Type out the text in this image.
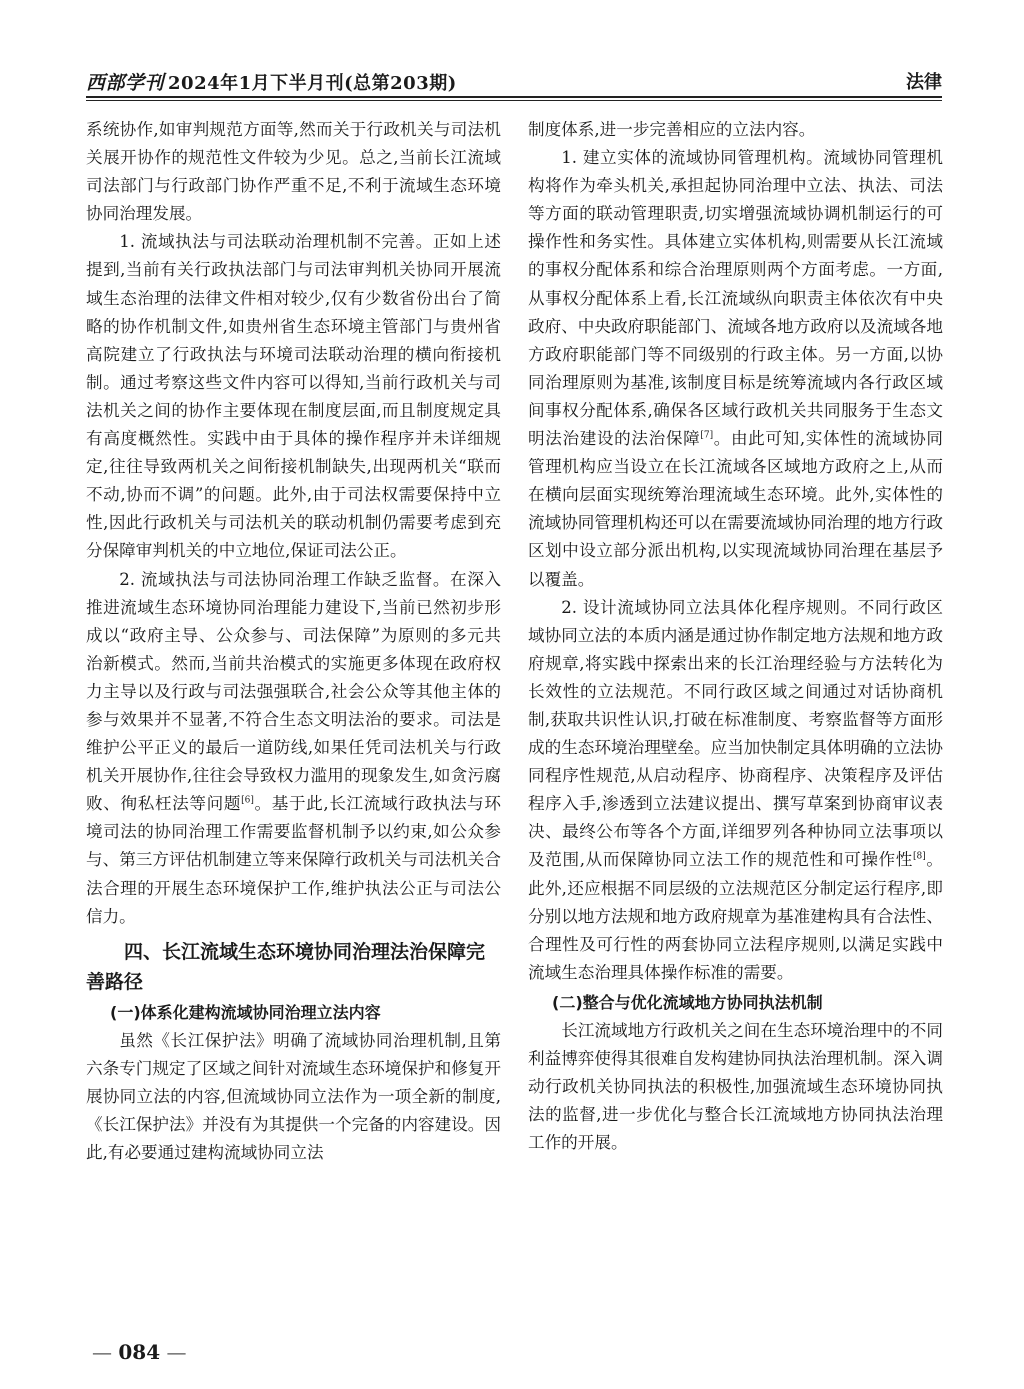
西部学刊 2024年1月下半月刊(总第203期)	法律

系统协作,如审判规范方面等,然而关于行政机关与司法机关展开协作的规范性文件较为少见。总之,当前长江流域司法部门与行政部门协作严重不足,不利于流域生态环境协同治理发展。

1. 流域执法与司法联动治理机制不完善。正如上述提到,当前有关行政执法部门与司法审判机关协同开展流域生态治理的法律文件相对较少,仅有少数省份出台了简略的协作机制文件,如贵州省生态环境主管部门与贵州省高院建立了行政执法与环境司法联动治理的横向衔接机制。通过考察这些文件内容可以得知,当前行政机关与司法机关之间的协作主要体现在制度层面,而且制度规定具有高度概然性。实践中由于具体的操作程序并未详细规定,往往导致两机关之间衔接机制缺失,出现两机关“联而不动,协而不调”的问题。此外,由于司法权需要保持中立性,因此行政机关与司法机关的联动机制仍需要考虑到充分保障审判机关的中立地位,保证司法公正。

2. 流域执法与司法协同治理工作缺乏监督。在深入推进流域生态环境协同治理能力建设下,当前已然初步形成以“政府主导、公众参与、司法保障”为原则的多元共治新模式。然而,当前共治模式的实施更多体现在政府权力主导以及行政与司法强强联合,社会公众等其他主体的参与效果并不显著,不符合生态文明法治的要求。司法是维护公平正义的最后一道防线,如果任凭司法机关与行政机关开展协作,往往会导致权力滥用的现象发生,如贪污腐败、徇私枉法等问题[6]。基于此,长江流域行政执法与环境司法的协同治理工作需要监督机制予以约束,如公众参与、第三方评估机制建立等来保障行政机关与司法机关合法合理的开展生态环境保护工作,维护执法公正与司法公信力。

四、长江流域生态环境协同治理法治保障完善路径
(一)体系化建构流域协同治理立法内容

虽然《长江保护法》明确了流域协同治理机制,且第六条专门规定了区域之间针对流域生态环境保护和修复开展协同立法的内容,但流域协同立法作为一项全新的制度,《长江保护法》并没有为其提供一个完备的内容建设。因此,有必要通过建构流域协同立法

制度体系,进一步完善相应的立法内容。

1. 建立实体的流域协同管理机构。流域协同管理机构将作为牵头机关,承担起协同治理中立法、执法、司法等方面的联动管理职责,切实增强流域协调机制运行的可操作性和务实性。具体建立实体机构,则需要从长江流域的事权分配体系和综合治理原则两个方面考虑。一方面,从事权分配体系上看,长江流域纵向职责主体依次有中央政府、中央政府职能部门、流域各地方政府以及流域各地方政府职能部门等不同级别的行政主体。另一方面,以协同治理原则为基准,该制度目标是统筹流域内各行政区域间事权分配体系,确保各区域行政机关共同服务于生态文明法治建设的法治保障[7]。由此可知,实体性的流域协同管理机构应当设立在长江流域各区域地方政府之上,从而在横向层面实现统筹治理流域生态环境。此外,实体性的流域协同管理机构还可以在需要流域协同治理的地方行政区划中设立部分派出机构,以实现流域协同治理在基层予以覆盖。

2. 设计流域协同立法具体化程序规则。不同行政区域协同立法的本质内涵是通过协作制定地方法规和地方政府规章,将实践中探索出来的长江治理经验与方法转化为长效性的立法规范。不同行政区域之间通过对话协商机制,获取共识性认识,打破在标准制度、考察监督等方面形成的生态环境治理壁垒。应当加快制定具体明确的立法协同程序性规范,从启动程序、协商程序、决策程序及评估程序入手,渗透到立法建议提出、撰写草案到协商审议表决、最终公布等各个方面,详细罗列各种协同立法事项以及范围,从而保障协同立法工作的规范性和可操作性[8]。此外,还应根据不同层级的立法规范区分制定运行程序,即分别以地方法规和地方政府规章为基准建构具有合法性、合理性及可行性的两套协同立法程序规则,以满足实践中流域生态治理具体操作标准的需要。

(二)整合与优化流域地方协同执法机制

长江流域地方行政机关之间在生态环境治理中的不同利益博弈使得其很难自发构建协同执法治理机制。深入调动行政机关协同执法的积极性,加强流域生态环境协同执法的监督,进一步优化与整合长江流域地方协同执法治理工作的开展。

— 084 —
